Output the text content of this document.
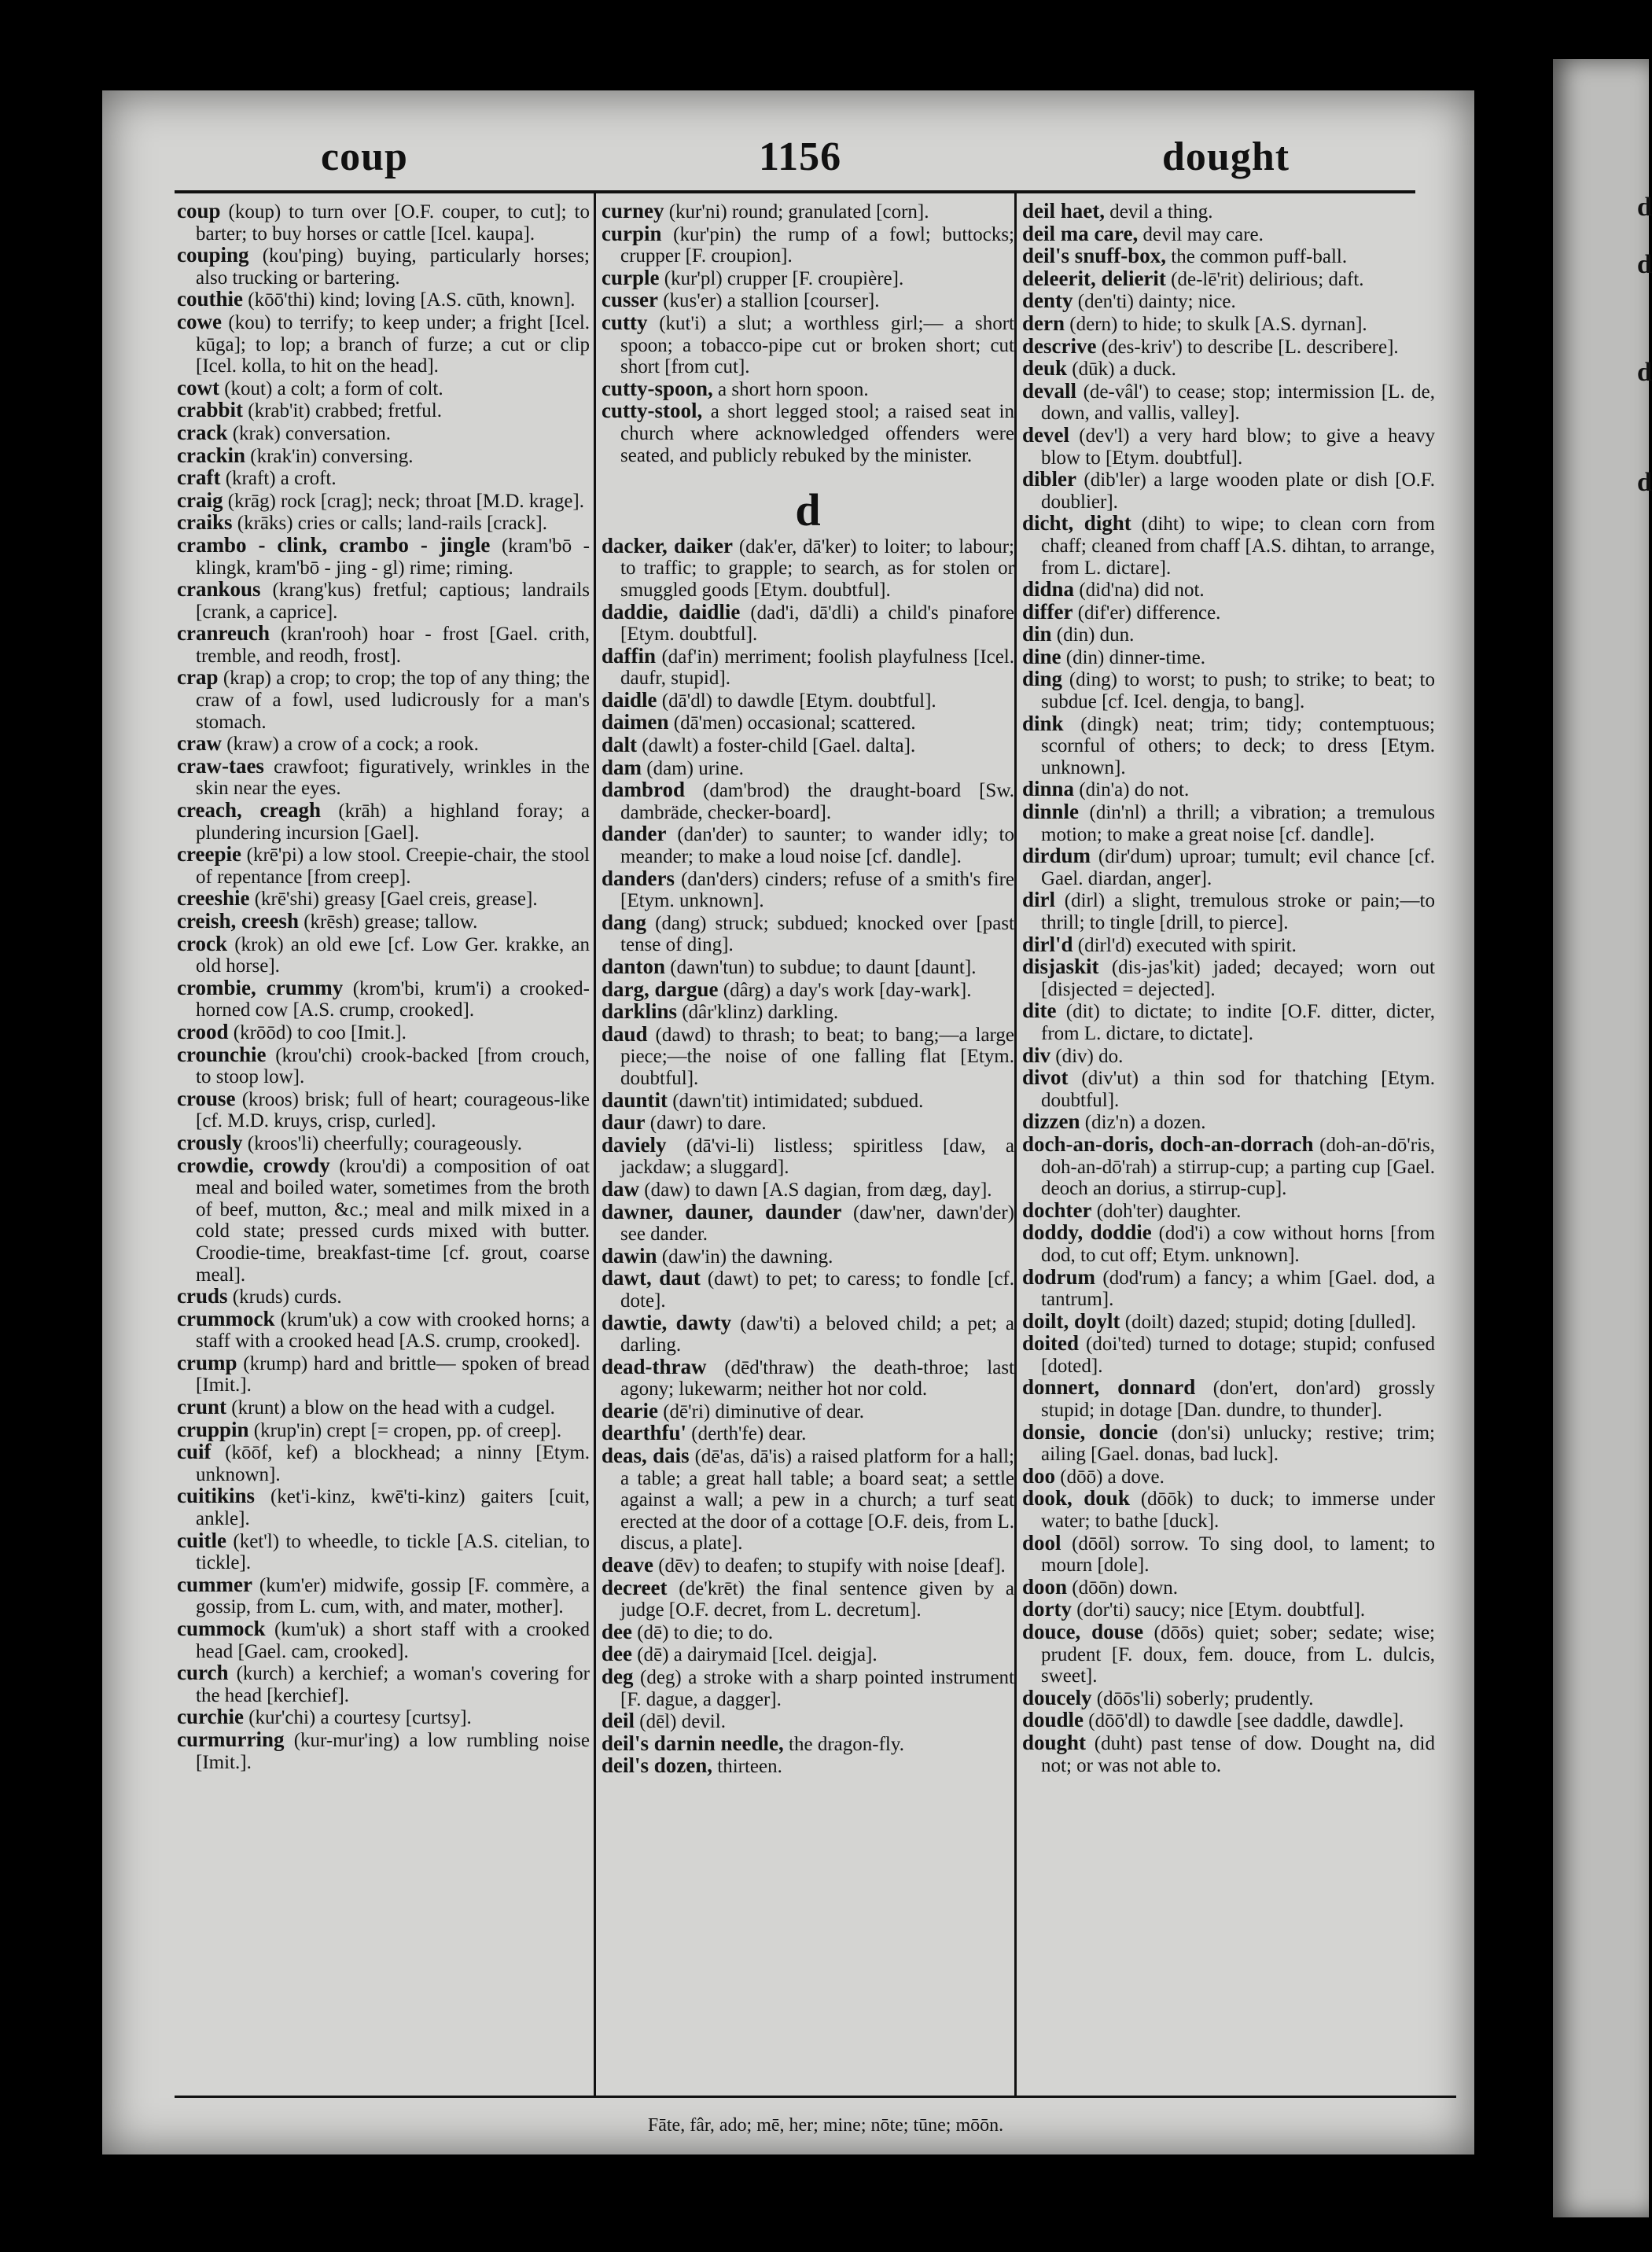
d
d
d
d
coup	1156	dought

coup (koup) to turn over [O.F. couper, to cut]; to barter; to buy horses or cattle [Icel. kaupa].

couping (kou'ping) buying, particularly horses; also trucking or bartering.

couthie (kōō'thi) kind; loving [A.S. cūth, known].

cowe (kou) to terrify; to keep under; a fright [Icel. kūga]; to lop; a branch of furze; a cut or clip [Icel. kolla, to hit on the head].

cowt (kout) a colt; a form of colt.

crabbit (krab'it) crabbed; fretful.

crack (krak) conversation.

crackin (krak'in) conversing.

craft (kraft) a croft.

craig (krāg) rock [crag]; neck; throat [M.D. krage].

craiks (krāks) cries or calls; land-rails [crack].

crambo - clink, crambo - jingle (kram'bō - klingk, kram'bō - jing - gl) rime; riming.

crankous (krang'kus) fretful; captious; landrails [crank, a caprice].

cranreuch (kran'rooh) hoar - frost [Gael. crith, tremble, and reodh, frost].

crap (krap) a crop; to crop; the top of any thing; the craw of a fowl, used ludicrously for a man's stomach.

craw (kraw) a crow of a cock; a rook.

craw-taes crawfoot; figuratively, wrinkles in the skin near the eyes.

creach, creagh (krāh) a highland foray; a plundering incursion [Gael].

creepie (krē'pi) a low stool. Creepie-chair, the stool of repentance [from creep].

creeshie (krē'shi) greasy [Gael creis, grease].

creish, creesh (krēsh) grease; tallow.

crock (krok) an old ewe [cf. Low Ger. krakke, an old horse].

crombie, crummy (krom'bi, krum'i) a crooked-horned cow [A.S. crump, crooked].

crood (krōōd) to coo [Imit.].

crounchie (krou'chi) crook-backed [from crouch, to stoop low].

crouse (kroos) brisk; full of heart; courageous-like [cf. M.D. kruys, crisp, curled].

crously (kroos'li) cheerfully; courageously.

crowdie, crowdy (krou'di) a composition of oat meal and boiled water, sometimes from the broth of beef, mutton, &c.; meal and milk mixed in a cold state; pressed curds mixed with butter. Croodie-time, breakfast-time [cf. grout, coarse meal].

cruds (kruds) curds.

crummock (krum'uk) a cow with crooked horns; a staff with a crooked head [A.S. crump, crooked].

crump (krump) hard and brittle— spoken of bread [Imit.].

crunt (krunt) a blow on the head with a cudgel.

cruppin (krup'in) crept [= cropen, pp. of creep].

cuif (kōōf, kef) a blockhead; a ninny [Etym. unknown].

cuitikins (ket'i-kinz, kwē'ti-kinz) gaiters [cuit, ankle].

cuitle (ket'l) to wheedle, to tickle [A.S. citelian, to tickle].

cummer (kum'er) midwife, gossip [F. commère, a gossip, from L. cum, with, and mater, mother].

cummock (kum'uk) a short staff with a crooked head [Gael. cam, crooked].

curch (kurch) a kerchief; a woman's covering for the head [kerchief].

curchie (kur'chi) a courtesy [curtsy].

curmurring (kur-mur'ing) a low rumbling noise [Imit.].

curney (kur'ni) round; granulated [corn].

curpin (kur'pin) the rump of a fowl; buttocks; crupper [F. croupion].

curple (kur'pl) crupper [F. croupière].

cusser (kus'er) a stallion [courser].

cutty (kut'i) a slut; a worthless girl;— a short spoon; a tobacco-pipe cut or broken short; cut short [from cut].

cutty-spoon, a short horn spoon.

cutty-stool, a short legged stool; a raised seat in church where acknowledged offenders were seated, and publicly rebuked by the minister.

d

dacker, daiker (dak'er, dā'ker) to loiter; to labour; to traffic; to grapple; to search, as for stolen or smuggled goods [Etym. doubtful].

daddie, daidlie (dad'i, dā'dli) a child's pinafore [Etym. doubtful].

daffin (daf'in) merriment; foolish playfulness [Icel. daufr, stupid].

daidle (dā'dl) to dawdle [Etym. doubtful].

daimen (dā'men) occasional; scattered.

dalt (dawlt) a foster-child [Gael. dalta].

dam (dam) urine.

dambrod (dam'brod) the draught-board [Sw. dambräde, checker-board].

dander (dan'der) to saunter; to wander idly; to meander; to make a loud noise [cf. dandle].

danders (dan'ders) cinders; refuse of a smith's fire [Etym. unknown].

dang (dang) struck; subdued; knocked over [past tense of ding].

danton (dawn'tun) to subdue; to daunt [daunt].

darg, dargue (dârg) a day's work [day-wark].

darklins (dâr'klinz) darkling.

daud (dawd) to thrash; to beat; to bang;—a large piece;—the noise of one falling flat [Etym. doubtful].

dauntit (dawn'tit) intimidated; subdued.

daur (dawr) to dare.

daviely (dā'vi-li) listless; spiritless [daw, a jackdaw; a sluggard].

daw (daw) to dawn [A.S dagian, from dæg, day].

dawner, dauner, daunder (daw'ner, dawn'der) see dander.

dawin (daw'in) the dawning.

dawt, daut (dawt) to pet; to caress; to fondle [cf. dote].

dawtie, dawty (daw'ti) a beloved child; a pet; a darling.

dead-thraw (dēd'thraw) the death-throe; last agony; lukewarm; neither hot nor cold.

dearie (dē'ri) diminutive of dear.

dearthfu' (derth'fe) dear.

deas, dais (dē'as, dā'is) a raised platform for a hall; a table; a great hall table; a board seat; a settle against a wall; a pew in a church; a turf seat erected at the door of a cottage [O.F. deis, from L. discus, a plate].

deave (dēv) to deafen; to stupify with noise [deaf].

decreet (de'krēt) the final sentence given by a judge [O.F. decret, from L. decretum].

dee (dē) to die; to do.

dee (dē) a dairymaid [Icel. deigja].

deg (deg) a stroke with a sharp pointed instrument [F. dague, a dagger].

deil (dēl) devil.

deil's darnin needle, the dragon-fly.

deil's dozen, thirteen.

deil haet, devil a thing.

deil ma care, devil may care.

deil's snuff-box, the common puff-ball.

deleerit, delierit (de-lē'rit) delirious; daft.

denty (den'ti) dainty; nice.

dern (dern) to hide; to skulk [A.S. dyrnan].

descrive (des-kriv') to describe [L. describere].

deuk (dūk) a duck.

devall (de-vâl') to cease; stop; intermission [L. de, down, and vallis, valley].

devel (dev'l) a very hard blow; to give a heavy blow to [Etym. doubtful].

dibler (dib'ler) a large wooden plate or dish [O.F. doublier].

dicht, dight (diht) to wipe; to clean corn from chaff; cleaned from chaff [A.S. dihtan, to arrange, from L. dictare].

didna (did'na) did not.

differ (dif'er) difference.

din (din) dun.

dine (din) dinner-time.

ding (ding) to worst; to push; to strike; to beat; to subdue [cf. Icel. dengja, to bang].

dink (dingk) neat; trim; tidy; contemptuous; scornful of others; to deck; to dress [Etym. unknown].

dinna (din'a) do not.

dinnle (din'nl) a thrill; a vibration; a tremulous motion; to make a great noise [cf. dandle].

dirdum (dir'dum) uproar; tumult; evil chance [cf. Gael. diardan, anger].

dirl (dirl) a slight, tremulous stroke or pain;—to thrill; to tingle [drill, to pierce].

dirl'd (dirl'd) executed with spirit.

disjaskit (dis-jas'kit) jaded; decayed; worn out [disjected = dejected].

dite (dit) to dictate; to indite [O.F. ditter, dicter, from L. dictare, to dictate].

div (div) do.

divot (div'ut) a thin sod for thatching [Etym. doubtful].

dizzen (diz'n) a dozen.

doch-an-doris, doch-an-dorrach (doh-an-dō'ris, doh-an-dō'rah) a stirrup-cup; a parting cup [Gael. deoch an dorius, a stirrup-cup].

dochter (doh'ter) daughter.

doddy, doddie (dod'i) a cow without horns [from dod, to cut off; Etym. unknown].

dodrum (dod'rum) a fancy; a whim [Gael. dod, a tantrum].

doilt, doylt (doilt) dazed; stupid; doting [dulled].

doited (doi'ted) turned to dotage; stupid; confused [doted].

donnert, donnard (don'ert, don'ard) grossly stupid; in dotage [Dan. dundre, to thunder].

donsie, doncie (don'si) unlucky; restive; trim; ailing [Gael. donas, bad luck].

doo (dōō) a dove.

dook, douk (dōōk) to duck; to immerse under water; to bathe [duck].

dool (dōōl) sorrow. To sing dool, to lament; to mourn [dole].

doon (dōōn) down.

dorty (dor'ti) saucy; nice [Etym. doubtful].

douce, douse (dōōs) quiet; sober; sedate; wise; prudent [F. doux, fem. douce, from L. dulcis, sweet].

doucely (dōōs'li) soberly; prudently.

doudle (dōō'dl) to dawdle [see daddle, dawdle].

dought (duht) past tense of dow. Dought na, did not; or was not able to.

Fāte, fâr, ado; mē, her; mine; nōte; tūne; mōōn.
